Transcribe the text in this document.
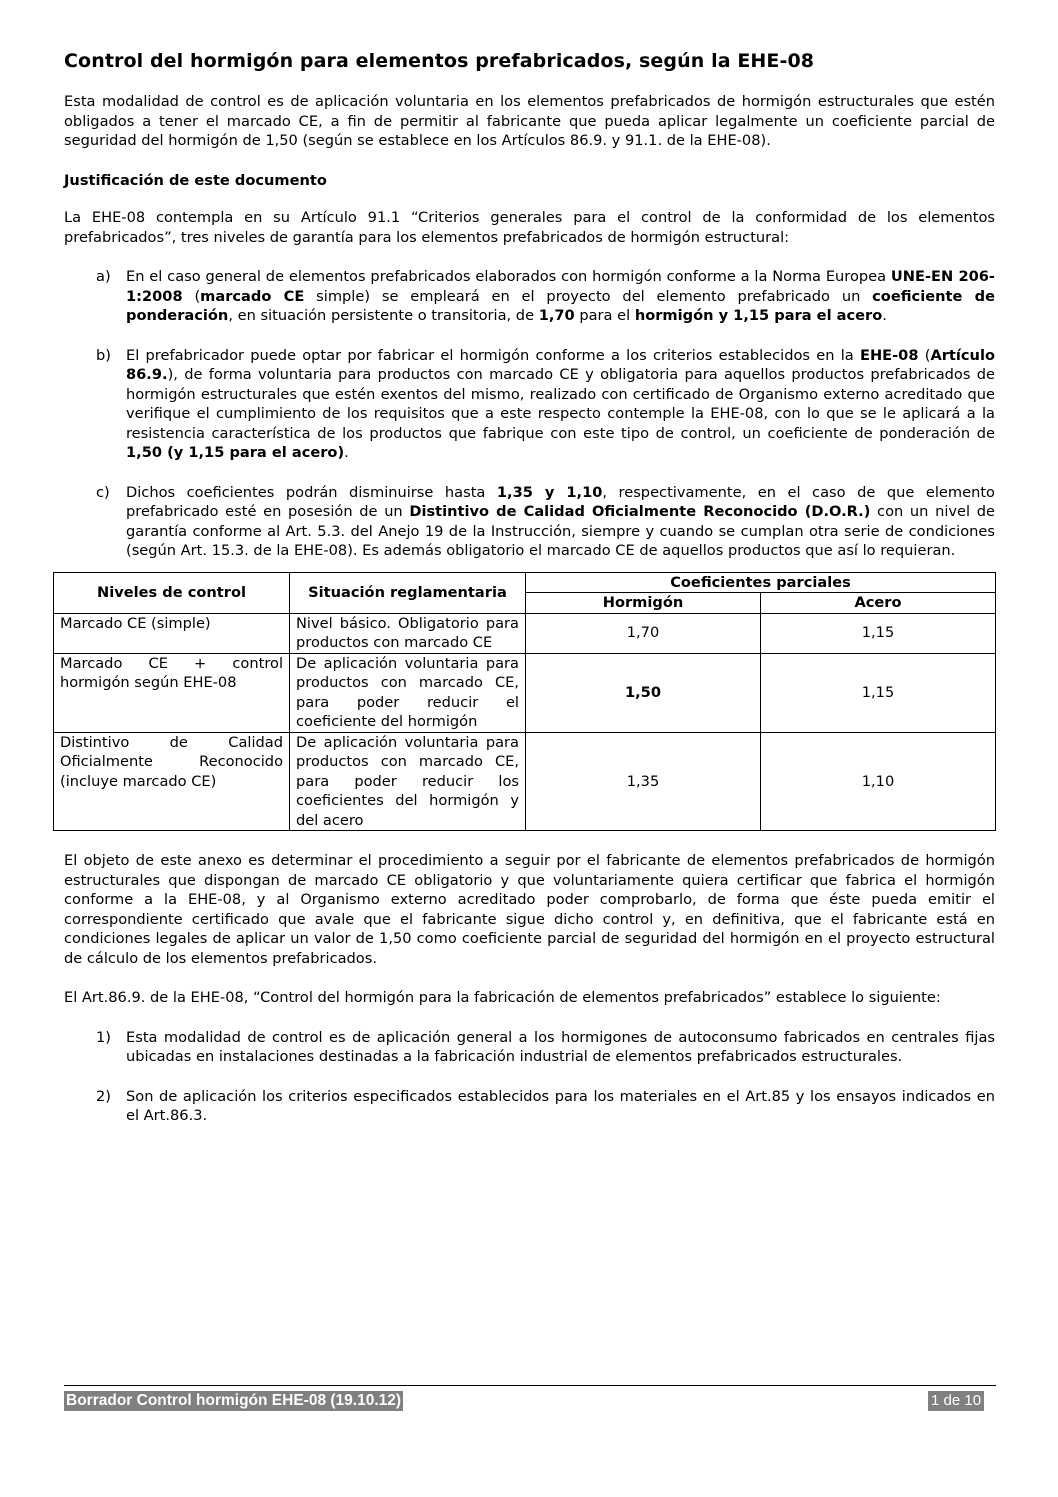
Control del hormigón para elementos prefabricados, según la EHE-08

Esta modalidad de control es de aplicación voluntaria en los elementos prefabricados de hormigón estructurales que estén obligados a tener el marcado CE, a fin de permitir al fabricante que pueda aplicar legalmente un coeficiente parcial de seguridad del hormigón de 1,50 (según se establece en los Artículos 86.9. y 91.1. de la EHE-08).

Justificación de este documento

La EHE-08 contempla en su Artículo 91.1 “Criterios generales para el control de la conformidad de los elementos prefabricados”, tres niveles de garantía para los elementos prefabricados de hormigón estructural:

a) En el caso general de elementos prefabricados elaborados con hormigón conforme a la Norma Europea UNE-EN 206-1:2008 (marcado CE simple) se empleará en el proyecto del elemento prefabricado un coeficiente de ponderación, en situación persistente o transitoria, de 1,70 para el hormigón y 1,15 para el acero.
b) El prefabricador puede optar por fabricar el hormigón conforme a los criterios establecidos en la EHE-08 (Artículo 86.9.), de forma voluntaria para productos con marcado CE y obligatoria para aquellos productos prefabricados de hormigón estructurales que estén exentos del mismo, realizado con certificado de Organismo externo acreditado que verifique el cumplimiento de los requisitos que a este respecto contemple la EHE-08, con lo que se le aplicará a la resistencia característica de los productos que fabrique con este tipo de control, un coeficiente de ponderación de 1,50 (y 1,15 para el acero).
c) Dichos coeficientes podrán disminuirse hasta 1,35 y 1,10, respectivamente, en el caso de que elemento prefabricado esté en posesión de un Distintivo de Calidad Oficialmente Reconocido (D.O.R.) con un nivel de garantía conforme al Art. 5.3. del Anejo 19 de la Instrucción, siempre y cuando se cumplan otra serie de condiciones (según Art. 15.3. de la EHE-08). Es además obligatorio el marcado CE de aquellos productos que así lo requieran.
Niveles de control	Situación reglamentaria	Coeficientes parciales	
		Hormigón	Acero
Marcado CE (simple)	Nivel básico. Obligatorio para productos con marcado CE	1,70	1,15
Marcado CE + control hormigón según EHE-08	De aplicación voluntaria para productos con marcado CE, para poder reducir el coeficiente del hormigón	1,50	1,15
Distintivo de Calidad Oficialmente Reconocido (incluye marcado CE)	De aplicación voluntaria para productos con marcado CE, para poder reducir los coeficientes del hormigón y del acero	1,35	1,10

El objeto de este anexo es determinar el procedimiento a seguir por el fabricante de elementos prefabricados de hormigón estructurales que dispongan de marcado CE obligatorio y que voluntariamente quiera certificar que fabrica el hormigón conforme a la EHE-08, y al Organismo externo acreditado poder comprobarlo, de forma que éste pueda emitir el correspondiente certificado que avale que el fabricante sigue dicho control y, en definitiva, que el fabricante está en condiciones legales de aplicar un valor de 1,50 como coeficiente parcial de seguridad del hormigón en el proyecto estructural de cálculo de los elementos prefabricados.

El Art.86.9. de la EHE-08, “Control del hormigón para la fabricación de elementos prefabricados” establece lo siguiente:

1) Esta modalidad de control es de aplicación general a los hormigones de autoconsumo fabricados en centrales fijas ubicadas en instalaciones destinadas a la fabricación industrial de elementos prefabricados estructurales.
2) Son de aplicación los criterios especificados establecidos para los materiales en el Art.85 y los ensayos indicados en el Art.86.3.
Borrador Control hormigón EHE-08 (19.10.12)	1 de 10
